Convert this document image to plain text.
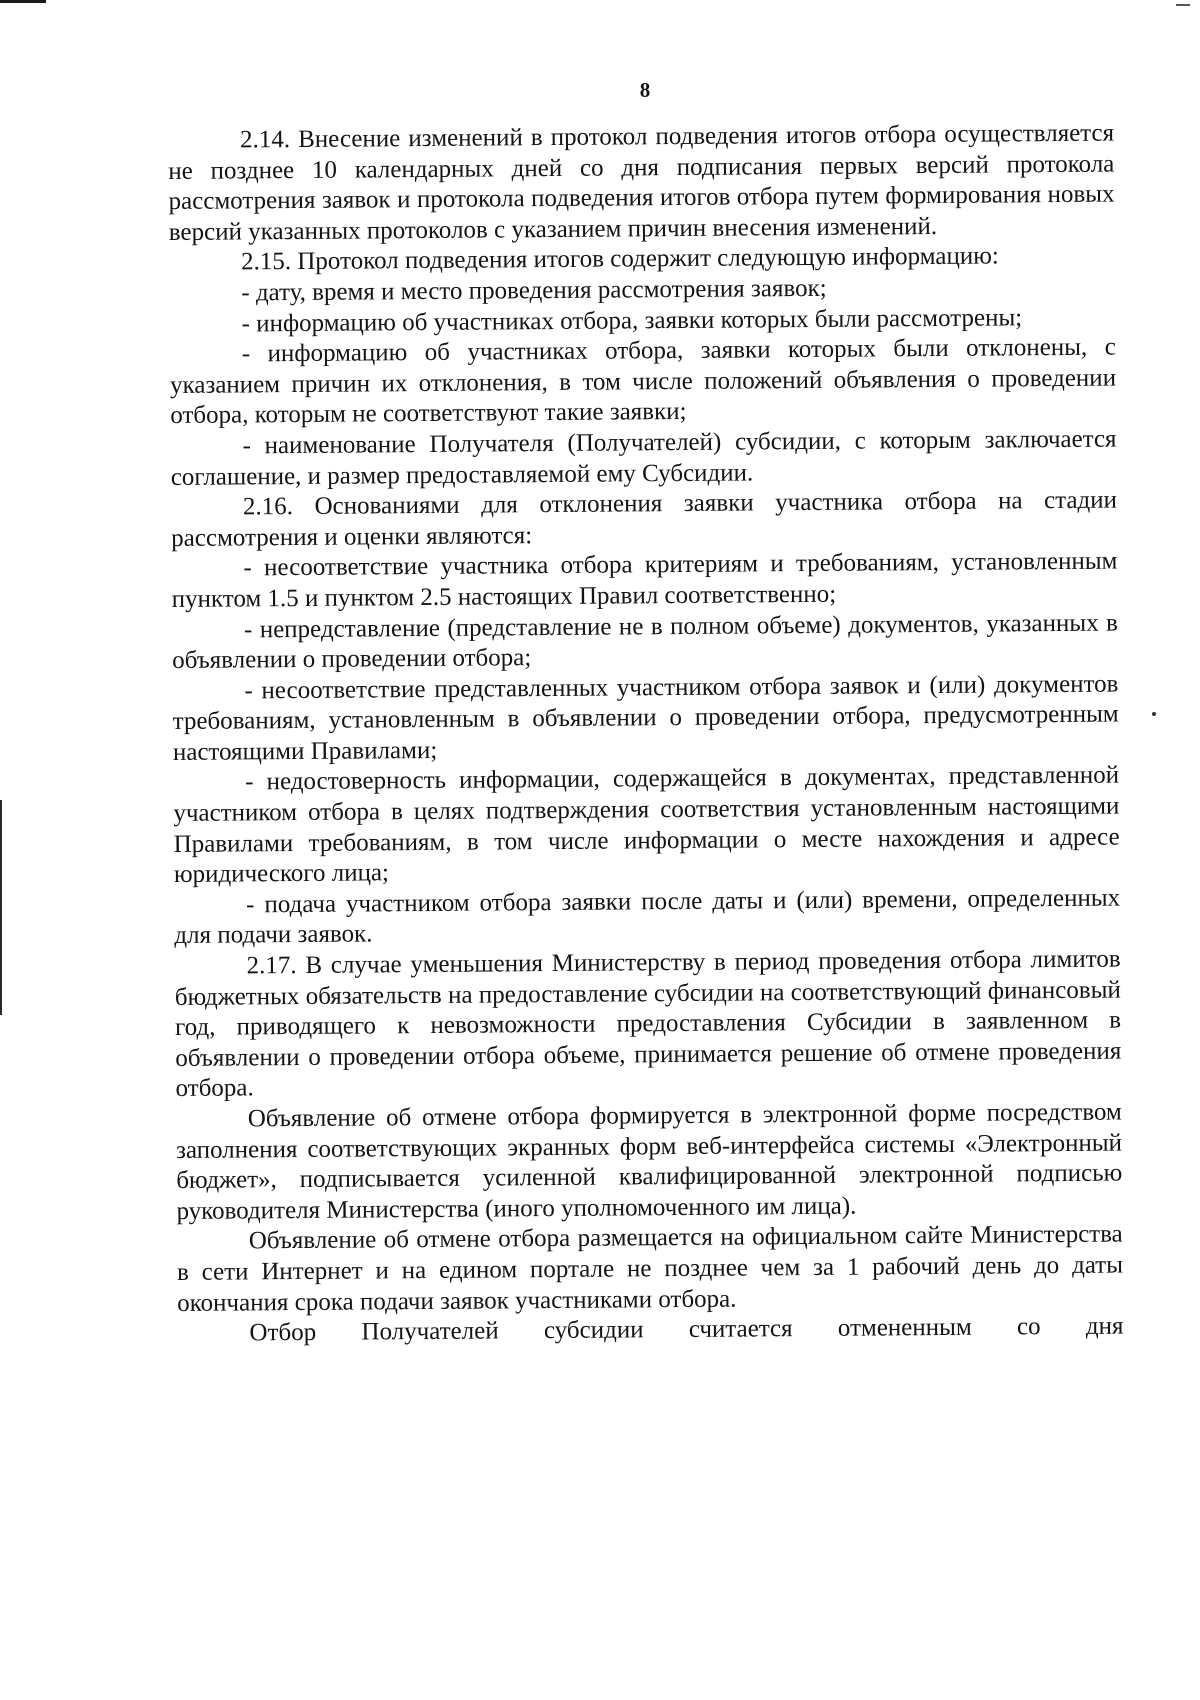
8

2.14. Внесение изменений в протокол подведения итогов отбора осуществляется не позднее 10 календарных дней со дня подписания первых версий протокола рассмотрения заявок и протокола подведения итогов отбора путем формирования новых версий указанных протоколов с указанием причин внесения изменений.

2.15. Протокол подведения итогов содержит следующую информацию:

- дату, время и место проведения рассмотрения заявок;

- информацию об участниках отбора, заявки которых были рассмотрены;

- информацию об участниках отбора, заявки которых были отклонены, с указанием причин их отклонения, в том числе положений объявления о проведении отбора, которым не соответствуют такие заявки;

- наименование Получателя (Получателей) субсидии, с которым заключается соглашение, и размер предоставляемой ему Субсидии.

2.16. Основаниями для отклонения заявки участника отбора на стадии рассмотрения и оценки являются:

- несоответствие участника отбора критериям и требованиям, установленным пунктом 1.5 и пунктом 2.5 настоящих Правил соответственно;

- непредставление (представление не в полном объеме) документов, указанных в объявлении о проведении отбора;

- несоответствие представленных участником отбора заявок и (или) документов требованиям, установленным в объявлении о проведении отбора, предусмотренным настоящими Правилами;

- недостоверность информации, содержащейся в документах, представленной участником отбора в целях подтверждения соответствия установленным настоящими Правилами требованиям, в том числе информации о месте нахождения и адресе юридического лица;

- подача участником отбора заявки после даты и (или) времени, определенных для подачи заявок.

2.17. В случае уменьшения Министерству в период проведения отбора лимитов бюджетных обязательств на предоставление субсидии на соответствующий финансовый год, приводящего к невозможности предоставления Субсидии в заявленном в объявлении о проведении отбора объеме, принимается решение об отмене проведения отбора.

Объявление об отмене отбора формируется в электронной форме посредством заполнения соответствующих экранных форм веб-интерфейса системы «Электронный бюджет», подписывается усиленной квалифицированной электронной подписью руководителя Министерства (иного уполномоченного им лица).

Объявление об отмене отбора размещается на официальном сайте Министерства в сети Интернет и на едином портале не позднее чем за 1 рабочий день до даты окончания срока подачи заявок участниками отбора.

Отбор Получателей субсидии считается отмененным со дня
